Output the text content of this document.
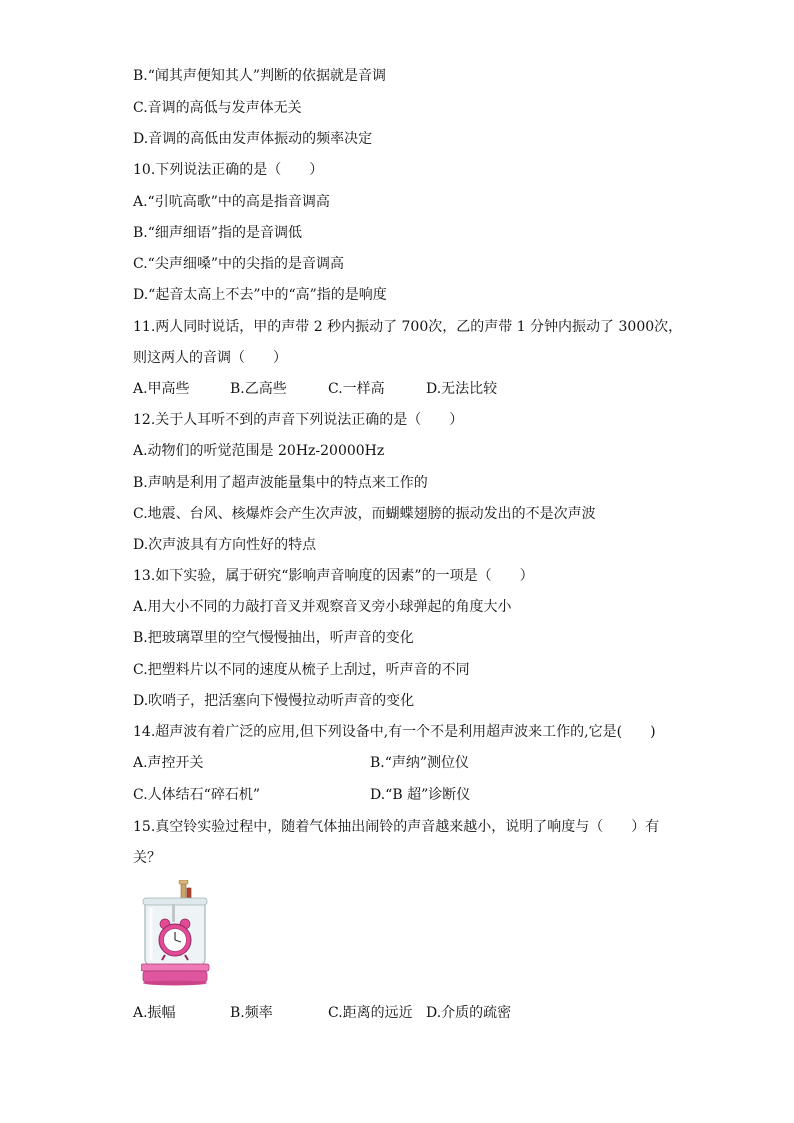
B.“闻其声便知其人”判断的依据就是音调
C.音调的高低与发声体无关
D.音调的高低由发声体振动的频率决定
10.下列说法正确的是（　　）
A.“引吭高歌”中的高是指音调高
B.“细声细语”指的是音调低
C.“尖声细嗓”中的尖指的是音调高
D.“起音太高上不去”中的“高”指的是响度
11.两人同时说话，甲的声带 2 秒内振动了 700次，乙的声带 1 分钟内振动了 3000次，
则这两人的音调（　　）
A.甲高些	B.乙高些	C.一样高	D.无法比较
12.关于人耳听不到的声音下列说法正确的是（　　）
A.动物们的听觉范围是 20Hz-20000Hz
B.声呐是利用了超声波能量集中的特点来工作的
C.地震、台风、核爆炸会产生次声波，而蝴蝶翅膀的振动发出的不是次声波
D.次声波具有方向性好的特点
13.如下实验，属于研究“影响声音响度的因素”的一项是（　　）
A.用大小不同的力敲打音叉并观察音叉旁小球弹起的角度大小
B.把玻璃罩里的空气慢慢抽出，听声音的变化
C.把塑料片以不同的速度从梳子上刮过，听声音的不同
D.吹哨子，把活塞向下慢慢拉动听声音的变化
14.超声波有着广泛的应用,但下列设备中,有一个不是利用超声波来工作的,它是(　　)
A.声控开关	B.“声纳”测位仪
C.人体结石“碎石机”	D.“B 超”诊断仪
15.真空铃实验过程中，随着气体抽出闹铃的声音越来越小，说明了响度与（　　）有
关？
A.振幅	B.频率	C.距离的远近 D.介质的疏密
